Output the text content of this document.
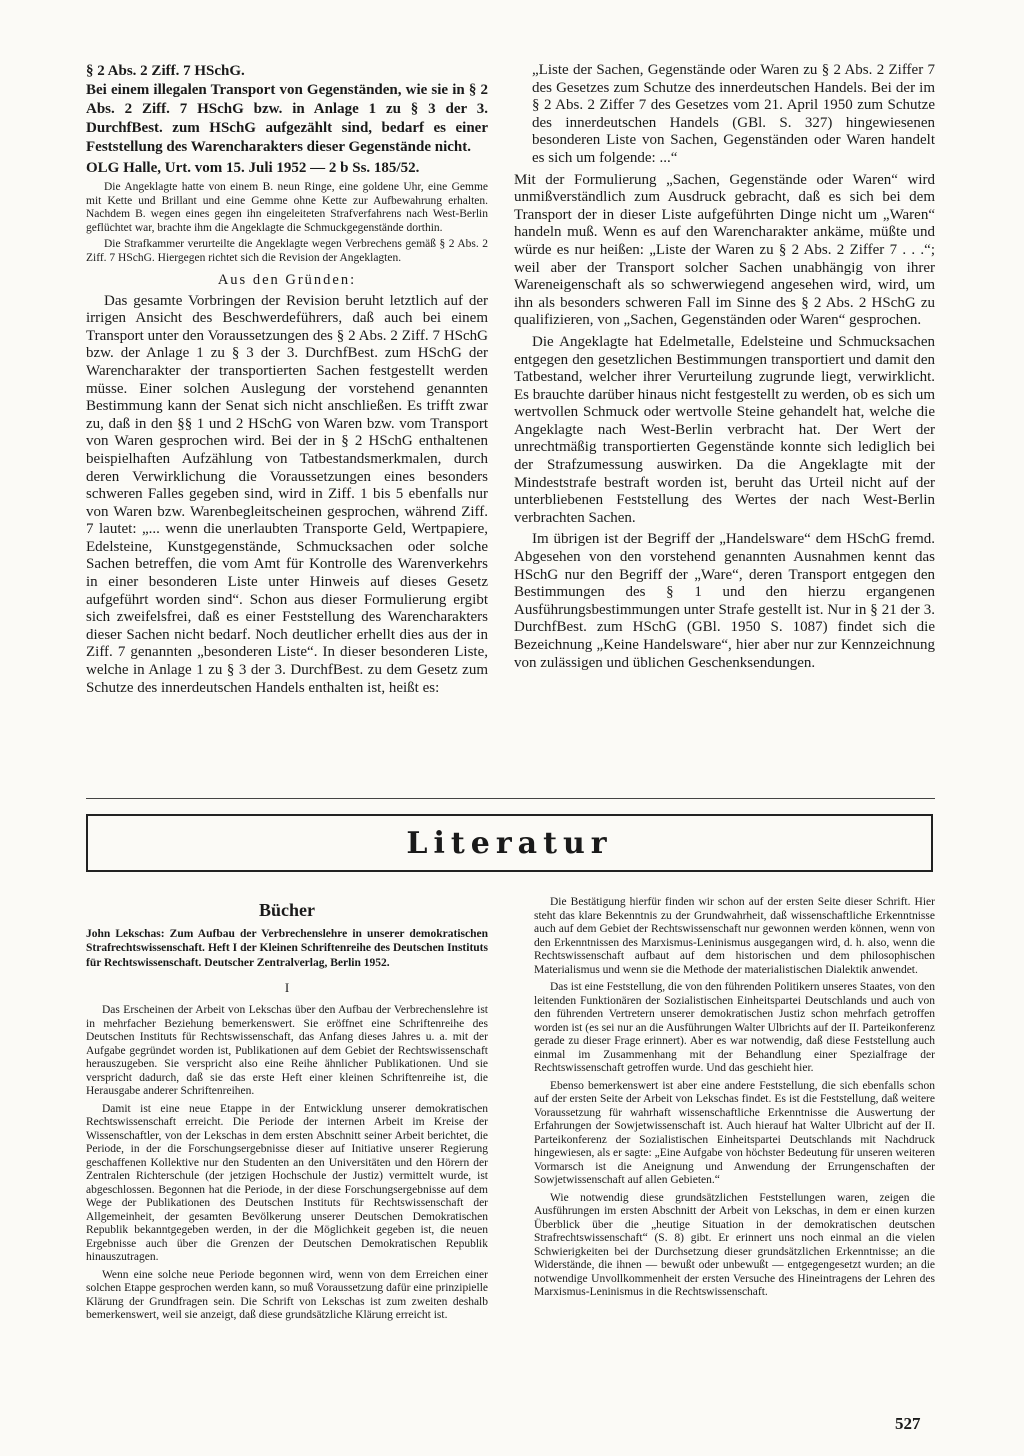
§ 2 Abs. 2 Ziff. 7 HSchG.

Bei einem illegalen Transport von Gegenständen, wie sie in § 2 Abs. 2 Ziff. 7 HSchG bzw. in Anlage 1 zu § 3 der 3. DurchfBest. zum HSchG aufgezählt sind, bedarf es einer Feststellung des Warencharakters dieser Gegenstände nicht.

OLG Halle, Urt. vom 15. Juli 1952 — 2 b Ss. 185/52.

Die Angeklagte hatte von einem B. neun Ringe, eine goldene Uhr, eine Gemme mit Kette und Brillant und eine Gemme ohne Kette zur Aufbewahrung erhalten. Nachdem B. wegen eines gegen ihn eingeleiteten Strafverfahrens nach West-Berlin geflüchtet war, brachte ihm die Angeklagte die Schmuckgegenstände dorthin.

Die Strafkammer verurteilte die Angeklagte wegen Verbrechens gemäß § 2 Abs. 2 Ziff. 7 HSchG. Hiergegen richtet sich die Revision der Angeklagten.

Aus den Gründen:

Das gesamte Vorbringen der Revision beruht letztlich auf der irrigen Ansicht des Beschwerdeführers, daß auch bei einem Transport unter den Voraussetzungen des § 2 Abs. 2 Ziff. 7 HSchG bzw. der Anlage 1 zu § 3 der 3. DurchfBest. zum HSchG der Warencharakter der transportierten Sachen festgestellt werden müsse. Einer solchen Auslegung der vorstehend genannten Bestimmung kann der Senat sich nicht anschließen. Es trifft zwar zu, daß in den §§ 1 und 2 HSchG von Waren bzw. vom Transport von Waren gesprochen wird. Bei der in § 2 HSchG enthaltenen beispielhaften Aufzählung von Tatbestandsmerkmalen, durch deren Verwirklichung die Voraussetzungen eines besonders schweren Falles gegeben sind, wird in Ziff. 1 bis 5 ebenfalls nur von Waren bzw. Warenbegleitscheinen gesprochen, während Ziff. 7 lautet: „... wenn die unerlaubten Transporte Geld, Wertpapiere, Edelsteine, Kunstgegenstände, Schmucksachen oder solche Sachen betreffen, die vom Amt für Kontrolle des Warenverkehrs in einer besonderen Liste unter Hinweis auf dieses Gesetz aufgeführt worden sind“. Schon aus dieser Formulierung ergibt sich zweifelsfrei, daß es einer Feststellung des Warencharakters dieser Sachen nicht bedarf. Noch deutlicher erhellt dies aus der in Ziff. 7 genannten „besonderen Liste“. In dieser besonderen Liste, welche in Anlage 1 zu § 3 der 3. DurchfBest. zu dem Gesetz zum Schutze des innerdeutschen Handels enthalten ist, heißt es:

„Liste der Sachen, Gegenstände oder Waren zu § 2 Abs. 2 Ziffer 7 des Gesetzes zum Schutze des innerdeutschen Handels. Bei der im § 2 Abs. 2 Ziffer 7 des Gesetzes vom 21. April 1950 zum Schutze des innerdeutschen Handels (GBl. S. 327) hingewiesenen besonderen Liste von Sachen, Gegenständen oder Waren handelt es sich um folgende: ...“

Mit der Formulierung „Sachen, Gegenstände oder Waren“ wird unmißverständlich zum Ausdruck gebracht, daß es sich bei dem Transport der in dieser Liste aufgeführten Dinge nicht um „Waren“ handeln muß. Wenn es auf den Warencharakter ankäme, müßte und würde es nur heißen: „Liste der Waren zu § 2 Abs. 2 Ziffer 7 . . .“; weil aber der Transport solcher Sachen unabhängig von ihrer Wareneigenschaft als so schwerwiegend angesehen wird, wird, um ihn als besonders schweren Fall im Sinne des § 2 Abs. 2 HSchG zu qualifizieren, von „Sachen, Gegenständen oder Waren“ gesprochen.

Die Angeklagte hat Edelmetalle, Edelsteine und Schmucksachen entgegen den gesetzlichen Bestimmungen transportiert und damit den Tatbestand, welcher ihrer Verurteilung zugrunde liegt, verwirklicht. Es brauchte darüber hinaus nicht festgestellt zu werden, ob es sich um wertvollen Schmuck oder wertvolle Steine gehandelt hat, welche die Angeklagte nach West-Berlin verbracht hat. Der Wert der unrechtmäßig transportierten Gegenstände konnte sich lediglich bei der Strafzumessung auswirken. Da die Angeklagte mit der Mindeststrafe bestraft worden ist, beruht das Urteil nicht auf der unterbliebenen Feststellung des Wertes der nach West-Berlin verbrachten Sachen.

Im übrigen ist der Begriff der „Handelsware“ dem HSchG fremd. Abgesehen von den vorstehend genannten Ausnahmen kennt das HSchG nur den Begriff der „Ware“, deren Transport entgegen den Bestimmungen des § 1 und den hierzu ergangenen Ausführungsbestimmungen unter Strafe gestellt ist. Nur in § 21 der 3. DurchfBest. zum HSchG (GBl. 1950 S. 1087) findet sich die Bezeichnung „Keine Handelsware“, hier aber nur zur Kennzeichnung von zulässigen und üblichen Geschenksendungen.

Literatur

Bücher

John Lekschas: Zum Aufbau der Verbrechenslehre in unserer demokratischen Strafrechtswissenschaft. Heft I der Kleinen Schriftenreihe des Deutschen Instituts für Rechtswissenschaft. Deutscher Zentralverlag, Berlin 1952.

I

Das Erscheinen der Arbeit von Lekschas über den Aufbau der Verbrechenslehre ist in mehrfacher Beziehung bemerkenswert. Sie eröffnet eine Schriftenreihe des Deutschen Instituts für Rechtswissenschaft, das Anfang dieses Jahres u. a. mit der Aufgabe gegründet worden ist, Publikationen auf dem Gebiet der Rechtswissenschaft herauszugeben. Sie verspricht also eine Reihe ähnlicher Publikationen. Und sie verspricht dadurch, daß sie das erste Heft einer kleinen Schriftenreihe ist, die Herausgabe anderer Schriftenreihen.

Damit ist eine neue Etappe in der Entwicklung unserer demokratischen Rechtswissenschaft erreicht. Die Periode der internen Arbeit im Kreise der Wissenschaftler, von der Lekschas in dem ersten Abschnitt seiner Arbeit berichtet, die Periode, in der die Forschungsergebnisse dieser auf Initiative unserer Regierung geschaffenen Kollektive nur den Studenten an den Universitäten und den Hörern der Zentralen Richterschule (der jetzigen Hochschule der Justiz) vermittelt wurde, ist abgeschlossen. Begonnen hat die Periode, in der diese Forschungsergebnisse auf dem Wege der Publikationen des Deutschen Instituts für Rechtswissenschaft der Allgemeinheit, der gesamten Bevölkerung unserer Deutschen Demokratischen Republik bekanntgegeben werden, in der die Möglichkeit gegeben ist, die neuen Ergebnisse auch über die Grenzen der Deutschen Demokratischen Republik hinauszutragen.

Wenn eine solche neue Periode begonnen wird, wenn von dem Erreichen einer solchen Etappe gesprochen werden kann, so muß Voraussetzung dafür eine prinzipielle Klärung der Grundfragen sein. Die Schrift von Lekschas ist zum zweiten deshalb bemerkenswert, weil sie anzeigt, daß diese grundsätzliche Klärung erreicht ist.

Die Bestätigung hierfür finden wir schon auf der ersten Seite dieser Schrift. Hier steht das klare Bekenntnis zu der Grundwahrheit, daß wissenschaftliche Erkenntnisse auch auf dem Gebiet der Rechtswissenschaft nur gewonnen werden können, wenn von den Erkenntnissen des Marxismus-Leninismus ausgegangen wird, d. h. also, wenn die Rechtswissenschaft aufbaut auf dem historischen und dem philosophischen Materialismus und wenn sie die Methode der materialistischen Dialektik anwendet.

Das ist eine Feststellung, die von den führenden Politikern unseres Staates, von den leitenden Funktionären der Sozialistischen Einheitspartei Deutschlands und auch von den führenden Vertretern unserer demokratischen Justiz schon mehrfach getroffen worden ist (es sei nur an die Ausführungen Walter Ulbrichts auf der II. Parteikonferenz gerade zu dieser Frage erinnert). Aber es war notwendig, daß diese Feststellung auch einmal im Zusammenhang mit der Behandlung einer Spezialfrage der Rechtswissenschaft getroffen wurde. Und das geschieht hier.

Ebenso bemerkenswert ist aber eine andere Feststellung, die sich ebenfalls schon auf der ersten Seite der Arbeit von Lekschas findet. Es ist die Feststellung, daß weitere Voraussetzung für wahrhaft wissenschaftliche Erkenntnisse die Auswertung der Erfahrungen der Sowjetwissenschaft ist. Auch hierauf hat Walter Ulbricht auf der II. Parteikonferenz der Sozialistischen Einheitspartei Deutschlands mit Nachdruck hingewiesen, als er sagte: „Eine Aufgabe von höchster Bedeutung für unseren weiteren Vormarsch ist die Aneignung und Anwendung der Errungenschaften der Sowjetwissenschaft auf allen Gebieten.“

Wie notwendig diese grundsätzlichen Feststellungen waren, zeigen die Ausführungen im ersten Abschnitt der Arbeit von Lekschas, in dem er einen kurzen Überblick über die „heutige Situation in der demokratischen deutschen Strafrechtswissenschaft“ (S. 8) gibt. Er erinnert uns noch einmal an die vielen Schwierigkeiten bei der Durchsetzung dieser grundsätzlichen Erkenntnisse; an die Widerstände, die ihnen — bewußt oder unbewußt — entgegengesetzt wurden; an die notwendige Unvollkommenheit der ersten Versuche des Hineintragens der Lehren des Marxismus-Leninismus in die Rechtswissenschaft.

527
